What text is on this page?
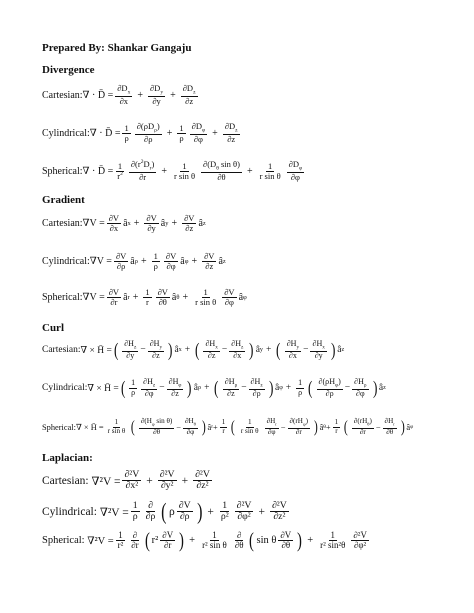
Prepared By: Shankar Gangaju
Divergence
Cartesian: ∇ · D̄ = $\frac{\partial D_x}{\partial x} + \frac{\partial D_y}{\partial y} + \frac{\partial D_z}{\partial z}$
Cylindrical: ∇ · D̄ = $\frac{1}{\rho} \frac{\partial(\rho D_\rho)}{\partial\rho} + \frac{1}{\rho} \frac{\partial D_\varphi}{\partial\varphi} + \frac{\partial D_z}{\partial z}$
Spherical: ∇ · D̄ = $\frac{1}{r^2} \frac{\partial(r^2D_r)}{\partial r} + \frac{1}{\text{r sin θ}} \frac{\partial(D_\theta \sin \theta)}{\partial\theta} + \frac{1}{\text{r sin θ}} \frac{\partial D_\varphi}{\partial\varphi}$
Gradient
Cartesian: $\nabla V = \frac{\partial V}{\partial x}$ â $x + \frac{\partial V}{\partial y}$ â $y + \frac{\partial V}{\partial z}$ â z
Cylindrical: $\nabla V = \frac{\partial V}{\partial\rho}$ â $\rho + \frac{1}{\rho} \frac{\partial V}{\partial\varphi}$ â $\varphi + \frac{\partial V}{\partial z}$ â z
Spherical: $\nabla V = \frac{\partial V}{\partial r}$ â $r + \frac{1}{r} \frac{\partial V}{\partial\theta}$ â $\theta + \frac{1}{\text{r sin θ}} \frac{\partial V}{\partial\varphi}$ â φ
Curl
Cartesian: ∇ × H̄ = ( $\frac{\partial H_z}{\partial y} - \frac{\partial H_y}{\partial z}$ ) â x + ( $\frac{\partial H_x}{\partial z} - \frac{\partial H_z}{\partial x}$ ) â y + ( $\frac{\partial H_y}{\partial x} - \frac{\partial H_x}{\partial y}$ ) â z
Cylindrical: ∇ × H̄ = ( $\frac{1}{\rho} \frac{\partial H_z}{\partial\varphi} - \frac{\partial H_\varphi}{\partial z}$ ) â ρ + ( $\frac{\partial H_\rho}{\partial z} - \frac{\partial H_z}{\partial\rho}$ ) â $\varphi + \frac{1}{\rho}$ ( $\frac{\partial(\rho H_\varphi)}{\partial\rho} - \frac{\partial H_\rho}{\partial\varphi}$ ) â z
Spherical: ∇ × H̄ = $\frac{1}{\text{r sin θ}}$ ( $\frac{\partial(H_\varphi \sin \theta)}{\partial\theta} - \frac{\partial H_\theta}{\partial\varphi}$ ) â $r + \frac{1}{r}$ ( $\frac{1}{\text{r sin θ}} \frac{\partial H_r}{\partial\varphi} - \frac{\partial(rH_\varphi)}{\partial r}$ ) â $\theta + \frac{1}{r}$ ( $\frac{\partial(rH_\theta)}{\partial r} - \frac{\partial H_r}{\partial\theta}$ ) â φ
Laplacian:
Cartesian:
$\nabla^2V = \frac{\text{∂²V}}{\text{∂x²}} + \frac{\text{∂²V}}{\text{∂y²}} + \frac{\text{∂²V}}{\text{∂z²}}$
Cylindrical:
$\nabla^2V = \frac{1}{\rho} \frac{\partial}{\partial\rho}$ ( ρ $\frac{\partial V}{\partial\rho}$ ) + $\frac{1}{\text{ρ²}} \frac{\text{∂²V}}{\text{∂φ²}} + \frac{\text{∂²V}}{\text{∂z²}}$
Spherical:
$\nabla^2V = \frac{1}{\text{r²}} \frac{\partial}{\partial r}$ ( $r^2 \frac{\partial V}{\partial r}$ ) + $\frac{1}{\text{r² sin θ}} \frac{\partial}{\partial\theta}$ ( sin θ $\frac{\partial V}{\partial\theta}$ ) + $\frac{1}{\text{r² sin²θ}} \frac{\text{∂²V}}{\text{∂φ²}}$
